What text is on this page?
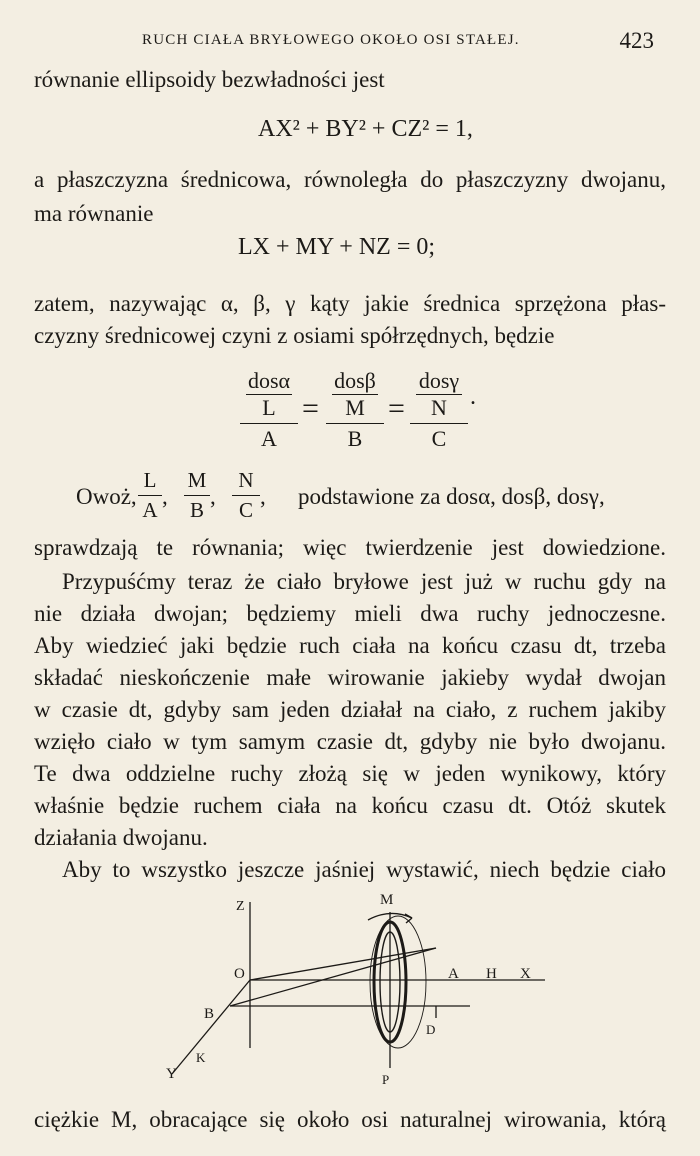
RUCH CIAŁA BRYŁOWEGO OKOŁO OSI STAŁEJ.	423
równanie ellipsoidy bezwładności jest
AX² + BY² + CZ² = 1,
a płaszczyzna średnicowa, równoległa do płaszczyzny dwojanu,
ma równanie
LX + MY + NZ = 0;
zatem, nazywając α, β, γ kąty jakie średnica sprzężona płas-
czyzny średnicowej czyni z osiami spółrzędnych, będzie
dosα
L
A
=
dosβ
M
B
=
dosγ
N
C
.
Owoż,
L
A
,
M
B
,
N
C
, podstawione za dosα, dosβ, dosγ,
sprawdzają te równania; więc twierdzenie jest dowiedzione.
Przypuśćmy teraz że ciało bryłowe jest już w ruchu gdy na
nie działa dwojan; będziemy mieli dwa ruchy jednoczesne.
Aby wiedzieć jaki będzie ruch ciała na końcu czasu dt, trzeba
składać nieskończenie małe wirowanie jakieby wydał dwojan
w czasie dt, gdyby sam jeden działał na ciało, z ruchem jakiby
wzięło ciało w tym samym czasie dt, gdyby nie było dwojanu.
Te dwa oddzielne ruchy złożą się w jeden wynikowy, który
właśnie będzie ruchem ciała na końcu czasu dt. Otóż skutek
działania dwojanu.
Aby to wszystko jeszcze jaśniej wystawić, niech będzie ciało
Z	M
O	A H X
B
D
Y
K
P
ciężkie M, obracające się około osi naturalnej wirowania, którą
